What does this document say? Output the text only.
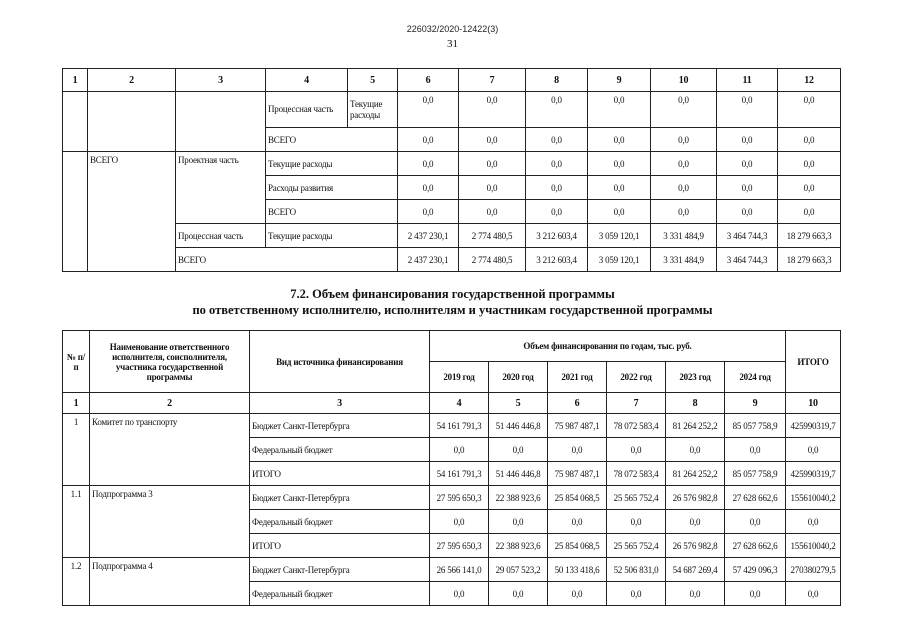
226032/2020-12422(3)
31
1	2	3	4	5	6	7	8	9	10	11	12
			Процессная часть	Текущие расходы	0,0	0,0	0,0	0,0	0,0	0,0	0,0
			ВСЕГО		0,0	0,0	0,0	0,0	0,0	0,0	0,0
	ВСЕГО	Проектная часть	Текущие расходы		0,0	0,0	0,0	0,0	0,0	0,0	0,0
			Расходы развития		0,0	0,0	0,0	0,0	0,0	0,0	0,0
			ВСЕГО		0,0	0,0	0,0	0,0	0,0	0,0	0,0
		Процессная часть	Текущие расходы		2 437 230,1	2 774 480,5	3 212 603,4	3 059 120,1	3 331 484,9	3 464 744,3	18 279 663,3
		ВСЕГО			2 437 230,1	2 774 480,5	3 212 603,4	3 059 120,1	3 331 484,9	3 464 744,3	18 279 663,3
7.2. Объем финансирования государственной программы
по ответственному исполнителю, исполнителям и участникам государственной программы
№ п/п	Наименование ответственного исполнителя, соисполнителя, участника государственной программы	Вид источника финансирования	Объем финансирования по годам, тыс. руб.						ИТОГО
			2019 год	2020 год	2021 год	2022 год	2023 год	2024 год	
1	2	3	4	5	6	7	8	9	10
1	Комитет по транспорту	Бюджет Санкт-Петербурга	54 161 791,3	51 446 446,8	75 987 487,1	78 072 583,4	81 264 252,2	85 057 758,9	425990319,7
		Федеральный бюджет	0,0	0,0	0,0	0,0	0,0	0,0	0,0
		ИТОГО	54 161 791,3	51 446 446,8	75 987 487,1	78 072 583,4	81 264 252,2	85 057 758,9	425990319,7
1.1	Подпрограмма 3	Бюджет Санкт-Петербурга	27 595 650,3	22 388 923,6	25 854 068,5	25 565 752,4	26 576 982,8	27 628 662,6	155610040,2
		Федеральный бюджет	0,0	0,0	0,0	0,0	0,0	0,0	0,0
		ИТОГО	27 595 650,3	22 388 923,6	25 854 068,5	25 565 752,4	26 576 982,8	27 628 662,6	155610040,2
1.2	Подпрограмма 4	Бюджет Санкт-Петербурга	26 566 141,0	29 057 523,2	50 133 418,6	52 506 831,0	54 687 269,4	57 429 096,3	270380279,5
		Федеральный бюджет	0,0	0,0	0,0	0,0	0,0	0,0	0,0
